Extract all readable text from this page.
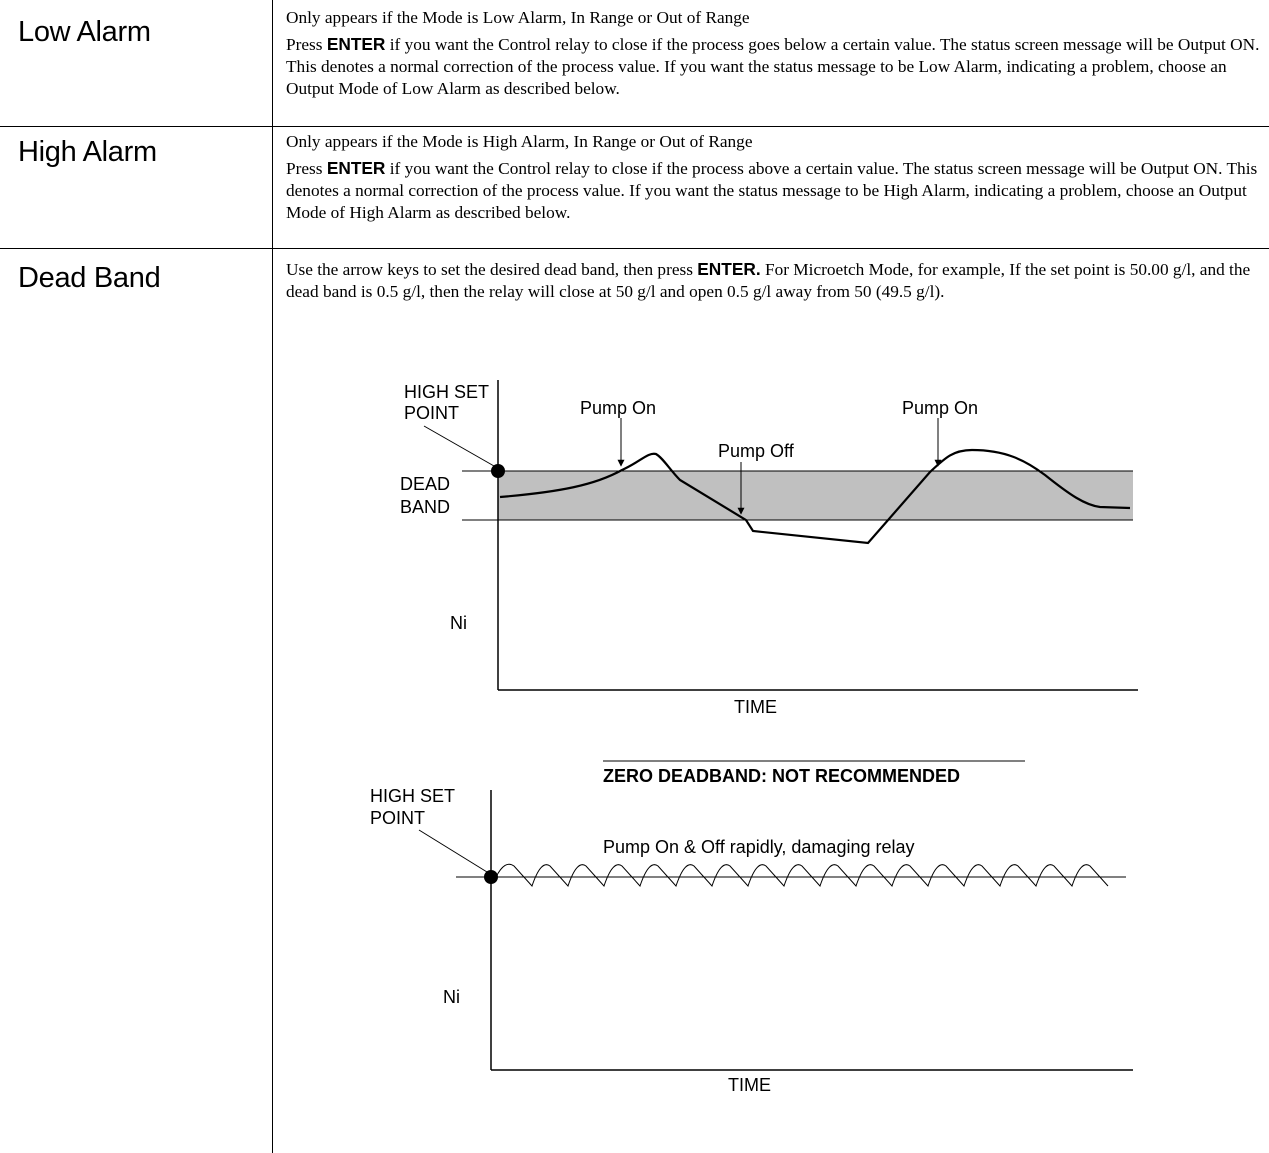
Low Alarm	Only appears if the Mode is Low Alarm, In Range or Out of Range

Press ENTER if you want the Control relay to close if the process goes below a certain value. The status screen message will be Output ON. This denotes a normal correction of the process value. If you want the status message to be Low Alarm, indicating a problem, choose an Output Mode of Low Alarm as described below.

High Alarm	Only appears if the Mode is High Alarm, In Range or Out of Range

Press ENTER if you want the Control relay to close if the process above a certain value. The status screen message will be Output ON. This denotes a normal correction of the process value. If you want the status message to be High Alarm, indicating a problem, choose an Output Mode of High Alarm as described below.

Dead Band	Use the arrow keys to set the desired dead band, then press ENTER. For Microetch Mode, for example, If the set point is 50.00 g/l, and the dead band is 0.5 g/l, then the relay will close at 50 g/l and open 0.5 g/l away from 50 (49.5 g/l).

HIGH SET
POINT
DEAD
BAND
Pump On
Pump Off
Pump On
Ni
TIME
ZERO DEADBAND: NOT RECOMMENDED
HIGH SET
POINT
Pump On & Off rapidly, damaging relay
Ni
TIME
